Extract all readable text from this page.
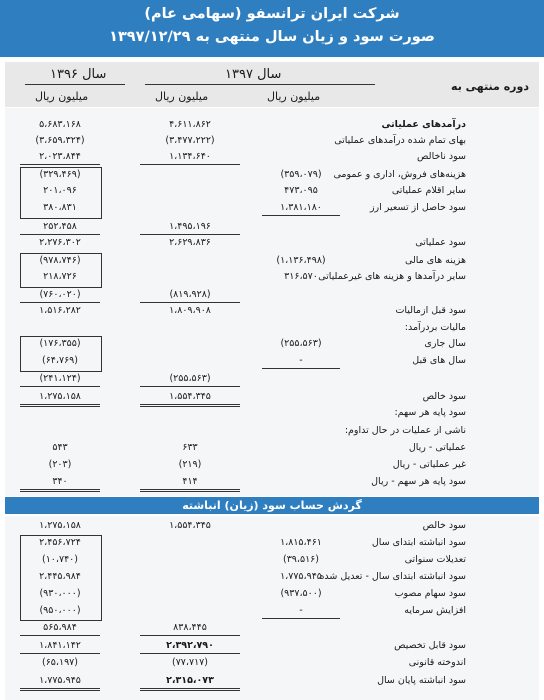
شرکت ایران ترانسفو (سهامی عام)
صورت سود و زیان سال منتهی به ۱۳۹۷/۱۲/۲۹
دوره منتهی به
سال ۱۳۹۷
سال ۱۳۹۶
میلیون ریال
میلیون ریال
میلیون ریال
گردش حساب سود (زیان) انباشته
درآمدهای عملیاتی
۴،۶۱۱،۸۶۲
۵،۶۸۳،۱۶۸
بهای تمام شده درآمدهای عملیاتی
(۳،۴۷۷،۲۲۲)
(۳،۶۵۹،۳۲۴)
سود ناخالص
۱،۱۳۴،۶۴۰
۲،۰۲۳،۸۴۴
هزینه‌های فروش، اداری و عمومی
(۳۵۹،۰۷۹)
(۳۲۹،۴۶۹)
سایر اقلام عملیاتی
۴۷۳،۰۹۵
۲۰۱،۰۹۶
سود حاصل از تسعیر ارز
۱،۳۸۱،۱۸۰
۳۸۰،۸۳۱
۱،۴۹۵،۱۹۶
۲۵۲،۴۵۸
سود عملیاتی
۲،۶۲۹،۸۳۶
۲،۲۷۶،۳۰۲
هزینه های مالی
(۱،۱۳۶،۴۹۸)
(۹۷۸،۷۴۶)
سایر درآمدها و هزینه های غیرعملیاتی
۳۱۶،۵۷۰
۲۱۸،۷۲۶
(۸۱۹،۹۲۸)
(۷۶۰،۰۲۰)
سود قبل ازمالیات
۱،۸۰۹،۹۰۸
۱،۵۱۶،۲۸۲
مالیات بردرآمد:
سال جاری
(۲۵۵،۵۶۳)
(۱۷۶،۳۵۵)
سال های قبل
-
(۶۴،۷۶۹)
(۲۵۵،۵۶۳)
(۲۴۱،۱۲۴)
سود خالص
۱،۵۵۴،۳۴۵
۱،۲۷۵،۱۵۸
سود پایه هر سهم:
ناشی از عملیات در حال تداوم:
عملیاتی - ریال
۶۳۳
۵۴۳
غیر عملیاتی - ریال
(۲۱۹)
(۲۰۳)
سود پایه هر سهم - ریال
۴۱۴
۳۴۰
سود خالص
۱،۵۵۴،۳۴۵
۱،۲۷۵،۱۵۸
سود انباشته ابتدای سال
۱،۸۱۵،۴۶۱
۲،۴۵۶،۷۲۴
تعدیلات سنواتی
(۳۹،۵۱۶)
(۱۰،۷۴۰)
سود انباشته ابتدای سال - تعدیل شده
۱،۷۷۵،۹۴۵
۲،۴۴۵،۹۸۴
سود سهام مصوب
(۹۳۷،۵۰۰)
(۹۳۰،۰۰۰)
افزایش سرمایه
-
(۹۵۰،۰۰۰)
۸۳۸،۴۴۵
۵۶۵،۹۸۴
سود قابل تخصیص
۲،۳۹۲،۷۹۰
۱،۸۴۱،۱۴۲
اندوخته قانونی
(۷۷،۷۱۷)
(۶۵،۱۹۷)
سود انباشته پایان سال
۲،۳۱۵،۰۷۳
۱،۷۷۵،۹۴۵
